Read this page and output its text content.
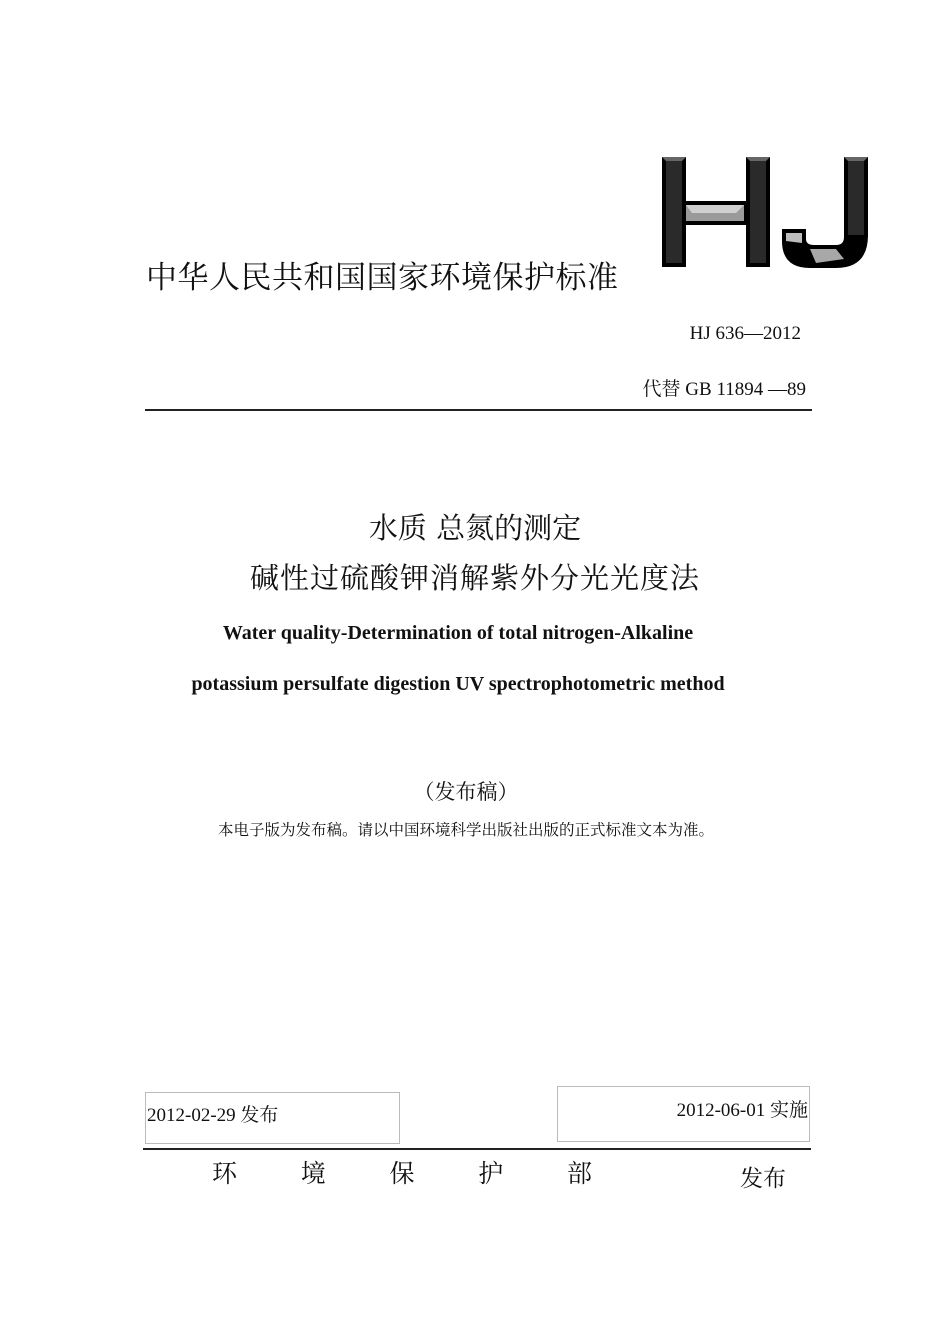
中华人民共和国国家环境保护标准
HJ 636—2012
代替 GB 11894 —89
水质 总氮的测定
碱性过硫酸钾消解紫外分光光度法
Water quality-Determination of total nitrogen-Alkaline
potassium persulfate digestion UV spectrophotometric method
（发布稿）
本电子版为发布稿。请以中国环境科学出版社出版的正式标准文本为准。
2012-02-29 发布	2012-06-01 实施
环	境	保	护	部	发布
